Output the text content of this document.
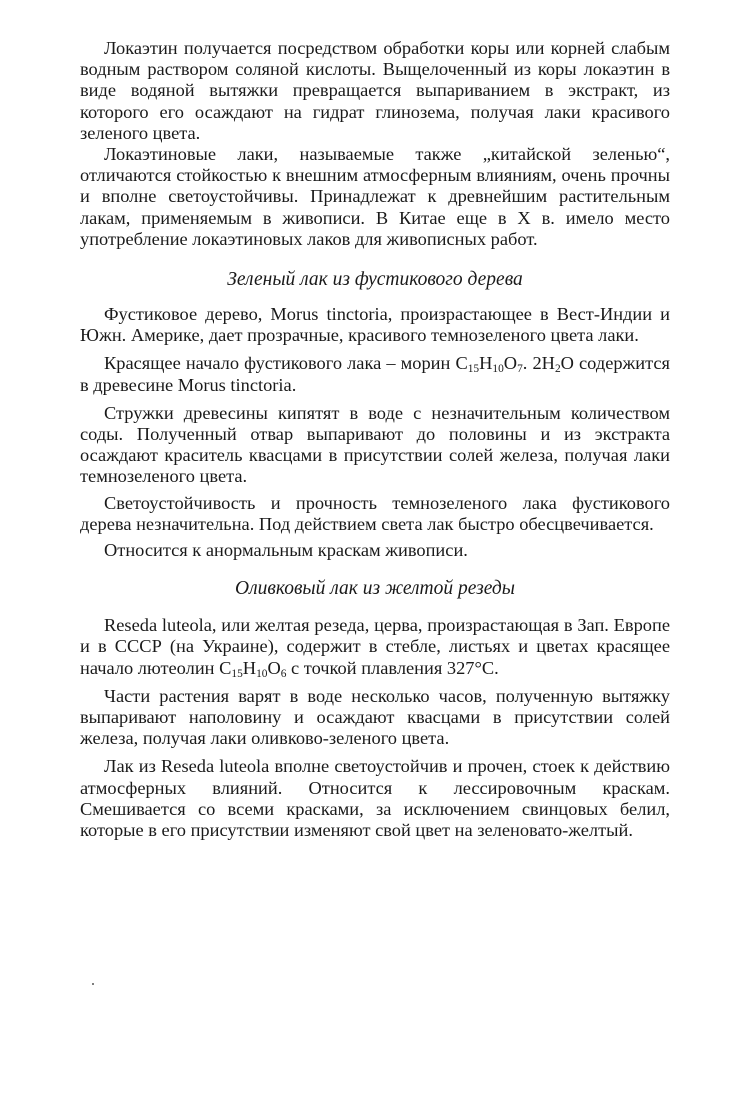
Локаэтин получается посредством обработки коры или корней слабым водным раствором соляной кислоты. Выщелоченный из коры локаэтин в виде водяной вытяжки превращается выпариванием в экстракт, из которого его осаждают на гидрат глинозема, получая лаки красивого зеленого цвета.

Локаэтиновые лаки, называемые также „китайской зеленью“, отличаются стойкостью к внешним атмосферным влияниям, очень прочны и вполне светоустойчивы. Принадлежат к древнейшим растительным лакам, применяемым в живописи. В Китае еще в X в. имело место употребление локаэтиновых лаков для живописных работ.

Зеленый лак из фустикового дерева

Фустиковое дерево, Morus tinctoria, произрастающее в Вест-Индии и Южн. Америке, дает прозрачные, красивого темнозеленого цвета лаки.

Красящее начало фустикового лака – морин $C_{15}H_{10}O_7$. $2H_2O$ содержится в древесине Morus tinctoria.

Стружки древесины кипятят в воде с незначительным количеством соды. Полученный отвар выпаривают до половины и из экстракта осаждают краситель квасцами в присутствии солей железа, получая лаки темнозеленого цвета.

Светоустойчивость и прочность темнозеленого лака фустикового дерева незначительна. Под действием света лак быстро обесцвечивается.

Относится к анормальным краскам живописи.

Оливковый лак из желтой резеды

Reseda luteola, или желтая резеда, церва, произрастающая в Зап. Европе и в СССР (на Украине), содержит в стебле, листьях и цветах красящее начало лютеолин $C_{15}H_{10}O_6$ с точкой плавления 327°С.

Части растения варят в воде несколько часов, полученную вытяжку выпаривают наполовину и осаждают квасцами в присутствии солей железа, получая лаки оливково-зеленого цвета.

Лак из Reseda luteola вполне светоустойчив и прочен, стоек к действию атмосферных влияний. Относится к лессировочным краскам. Смешивается со всеми красками, за исключением свинцовых белил, которые в его присутствии изменяют свой цвет на зеленовато-желтый.
